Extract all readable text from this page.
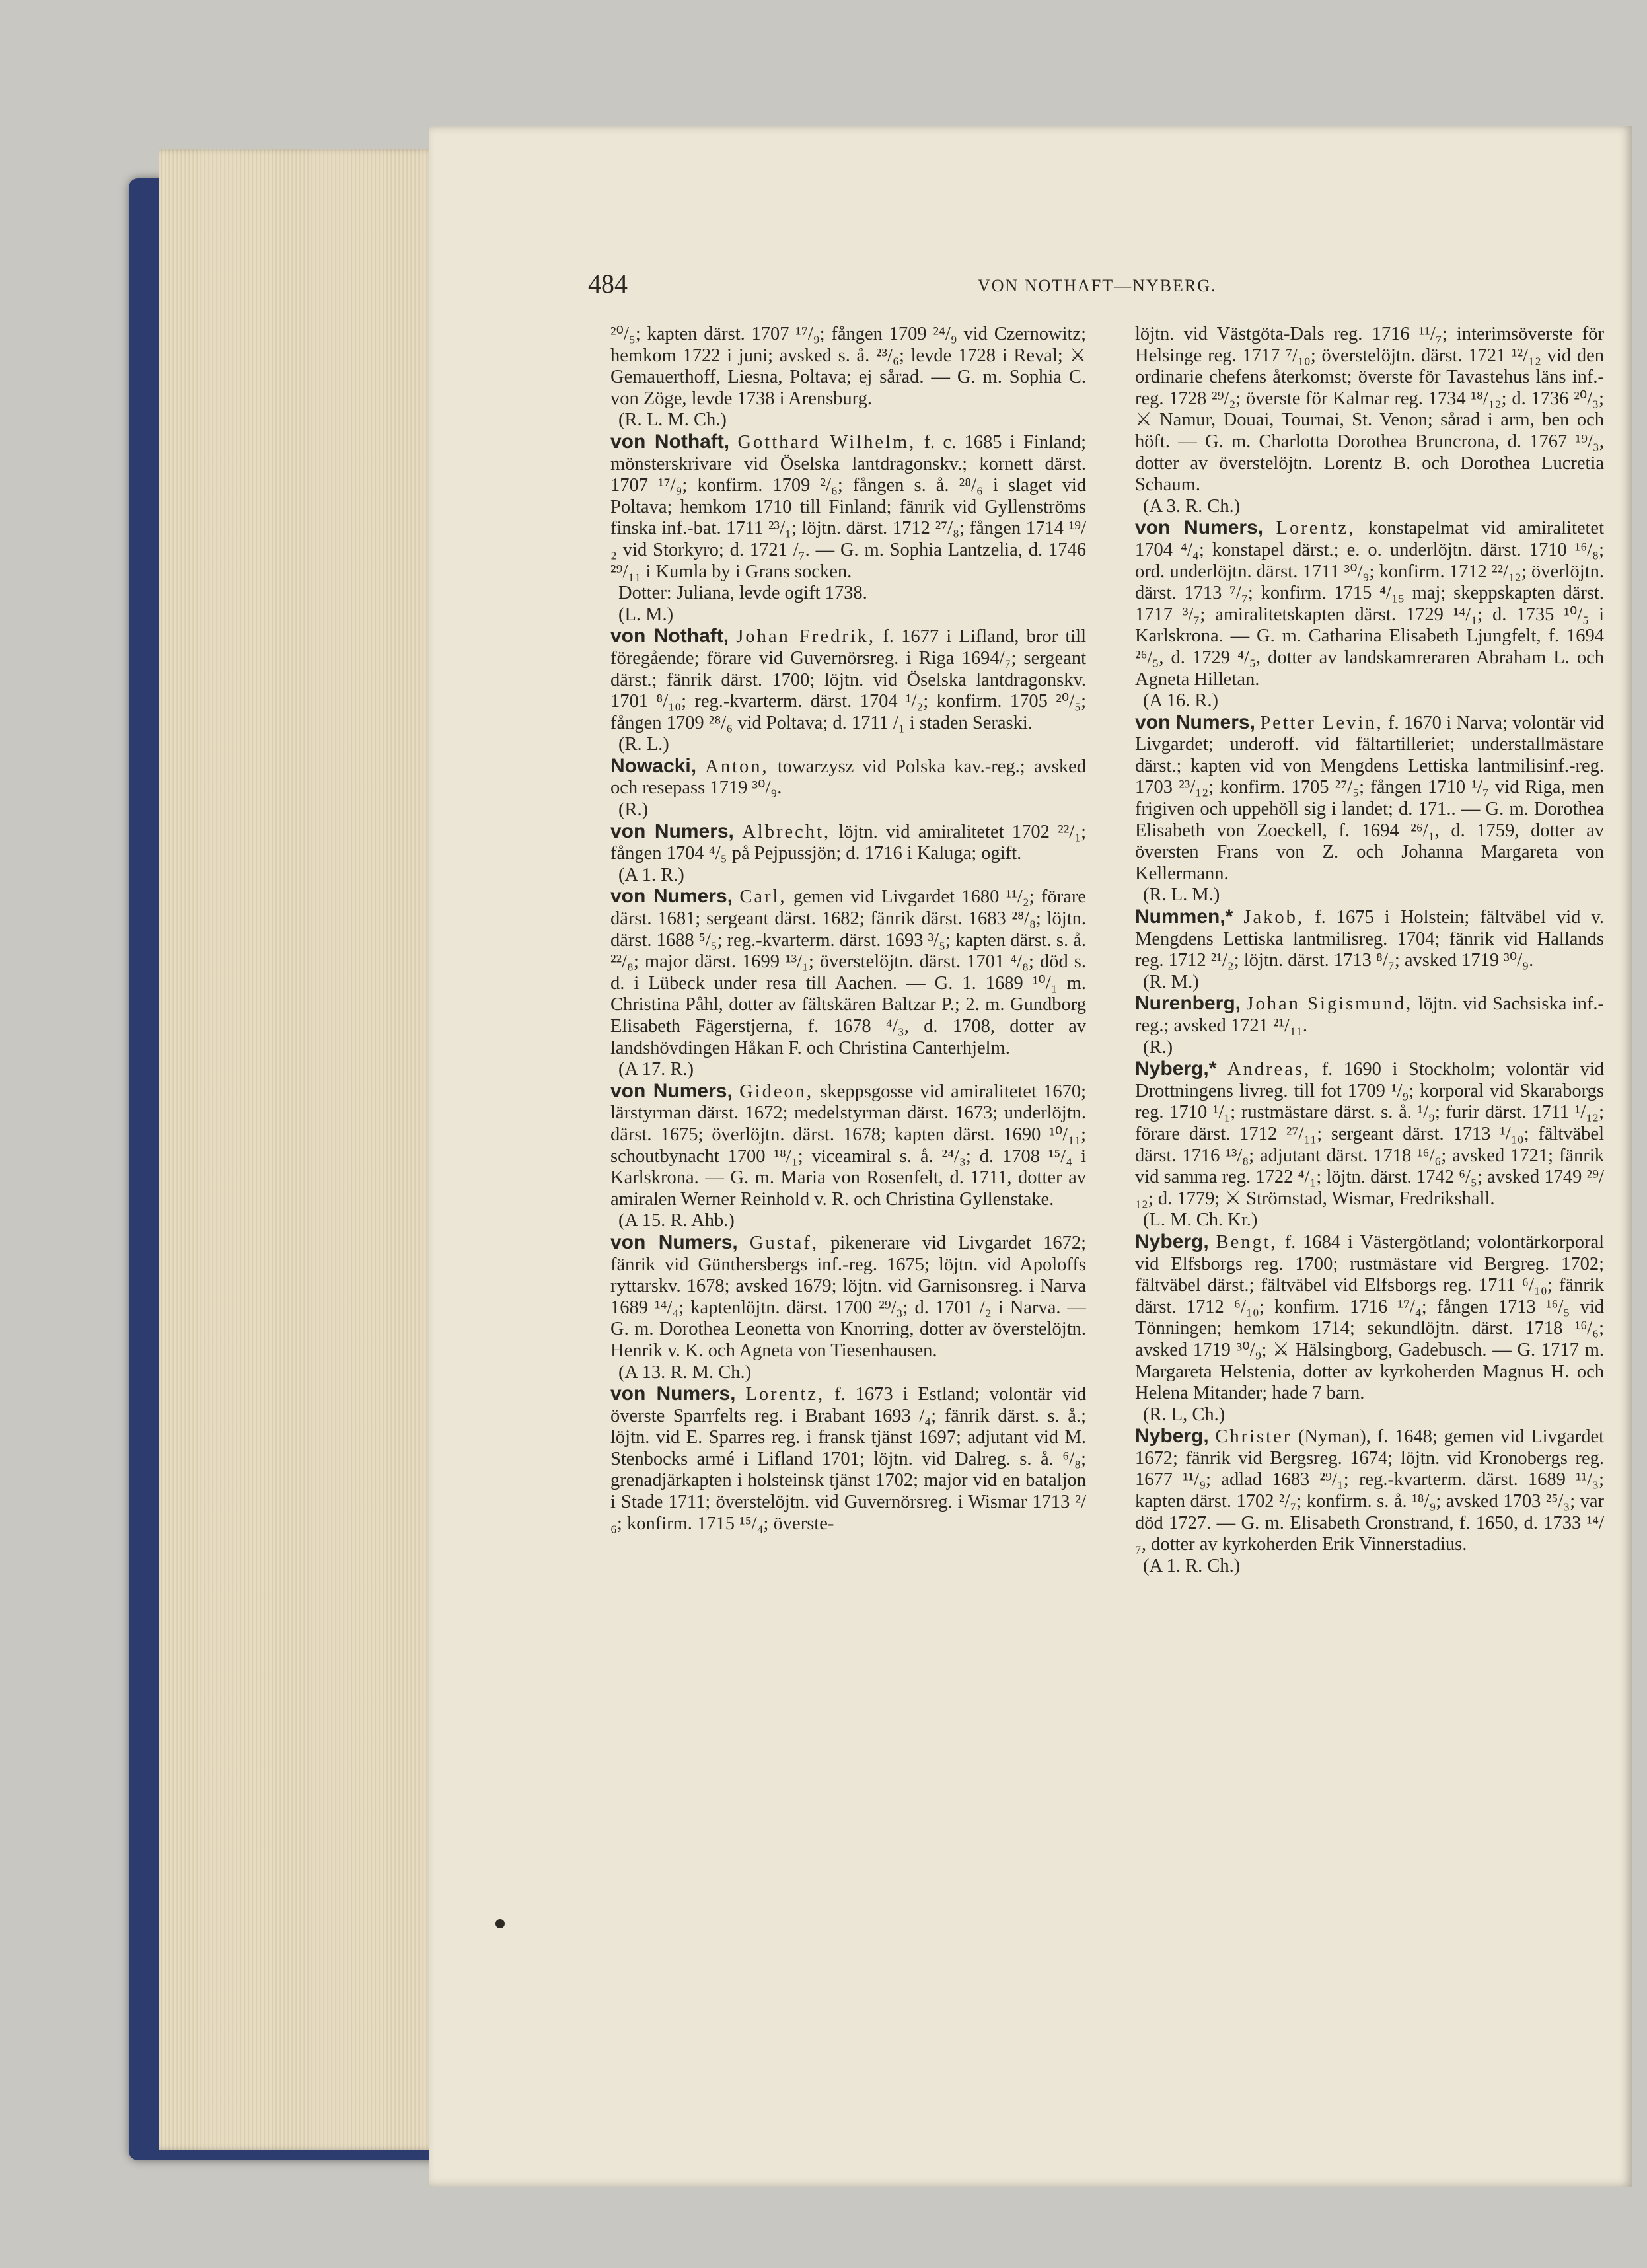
484	VON NOTHAFT—NYBERG.

²⁰/₅; kapten därst. 1707 ¹⁷/₉; fången 1709 ²⁴/₉ vid Czernowitz; hemkom 1722 i juni; avsked s. å. ²³/₆; levde 1728 i Reval; ⚔ Gemauerthoff, Liesna, Poltava; ej sårad. — G. m. Sophia C. von Zöge, levde 1738 i Arensburg.

(R. L. M. Ch.)

von Nothaft, Gotthard Wilhelm, f. c. 1685 i Finland; mönsterskrivare vid Öselska lantdragonskv.; kornett därst. 1707 ¹⁷/₉; konfirm. 1709 ²/₆; fången s. å. ²⁸/₆ i slaget vid Poltava; hemkom 1710 till Finland; fänrik vid Gyllenströms finska inf.-bat. 1711 ²³/₁; löjtn. därst. 1712 ²⁷/₈; fången 1714 ¹⁹/₂ vid Storkyro; d. 1721 /₇. — G. m. Sophia Lantzelia, d. 1746 ²⁹/₁₁ i Kumla by i Grans socken.

Dotter: Juliana, levde ogift 1738.

(L. M.)

von Nothaft, Johan Fredrik, f. 1677 i Lifland, bror till föregående; förare vid Guvernörsreg. i Riga 1694/₇; sergeant därst.; fänrik därst. 1700; löjtn. vid Öselska lantdragonskv. 1701 ⁸/₁₀; reg.-kvarterm. därst. 1704 ¹/₂; konfirm. 1705 ²⁰/₅; fången 1709 ²⁸/₆ vid Poltava; d. 1711 /₁ i staden Seraski.

(R. L.)

Nowacki, Anton, towarzysz vid Polska kav.-reg.; avsked och resepass 1719 ³⁰/₉.

(R.)

von Numers, Albrecht, löjtn. vid amiralitetet 1702 ²²/₁; fången 1704 ⁴/₅ på Pejpussjön; d. 1716 i Kaluga; ogift.

(A 1. R.)

von Numers, Carl, gemen vid Livgardet 1680 ¹¹/₂; förare därst. 1681; sergeant därst. 1682; fänrik därst. 1683 ²⁸/₈; löjtn. därst. 1688 ⁵/₅; reg.-kvarterm. därst. 1693 ³/₅; kapten därst. s. å. ²²/₈; major därst. 1699 ¹³/₁; överstelöjtn. därst. 1701 ⁴/₈; död s. d. i Lübeck under resa till Aachen. — G. 1. 1689 ¹⁰/₁ m. Christina Påhl, dotter av fältskären Baltzar P.; 2. m. Gundborg Elisabeth Fägerstjerna, f. 1678 ⁴/₃, d. 1708, dotter av landshövdingen Håkan F. och Christina Canterhjelm.

(A 17. R.)

von Numers, Gideon, skeppsgosse vid amiralitetet 1670; lärstyrman därst. 1672; medelstyrman därst. 1673; underlöjtn. därst. 1675; överlöjtn. därst. 1678; kapten därst. 1690 ¹⁰/₁₁; schoutbynacht 1700 ¹⁸/₁; viceamiral s. å. ²⁴/₃; d. 1708 ¹⁵/₄ i Karlskrona. — G. m. Maria von Rosenfelt, d. 1711, dotter av amiralen Werner Reinhold v. R. och Christina Gyllenstake.

(A 15. R. Ahb.)

von Numers, Gustaf, pikenerare vid Livgardet 1672; fänrik vid Günthersbergs inf.-reg. 1675; löjtn. vid Apoloffs ryttarskv. 1678; avsked 1679; löjtn. vid Garnisonsreg. i Narva 1689 ¹⁴/₄; kaptenlöjtn. därst. 1700 ²⁹/₃; d. 1701 /₂ i Narva. — G. m. Dorothea Leonetta von Knorring, dotter av överstelöjtn. Henrik v. K. och Agneta von Tiesenhausen.

(A 13. R. M. Ch.)

von Numers, Lorentz, f. 1673 i Estland; volontär vid överste Sparrfelts reg. i Brabant 1693 /₄; fänrik därst. s. å.; löjtn. vid E. Sparres reg. i fransk tjänst 1697; adjutant vid M. Stenbocks armé i Lifland 1701; löjtn. vid Dalreg. s. å. ⁶/₈; grenadjärkapten i holsteinsk tjänst 1702; major vid en bataljon i Stade 1711; överstelöjtn. vid Guvernörsreg. i Wismar 1713 ²/₆; konfirm. 1715 ¹⁵/₄; överste-

löjtn. vid Västgöta-Dals reg. 1716 ¹¹/₇; interimsöverste för Helsinge reg. 1717 ⁷/₁₀; överstelöjtn. därst. 1721 ¹²/₁₂ vid den ordinarie chefens återkomst; överste för Tavastehus läns inf.-reg. 1728 ²⁹/₂; överste för Kalmar reg. 1734 ¹⁸/₁₂; d. 1736 ²⁰/₃; ⚔ Namur, Douai, Tournai, St. Venon; sårad i arm, ben och höft. — G. m. Charlotta Dorothea Bruncrona, d. 1767 ¹⁹/₃, dotter av överstelöjtn. Lorentz B. och Dorothea Lucretia Schaum.

(A 3. R. Ch.)

von Numers, Lorentz, konstapelmat vid amiralitetet 1704 ⁴/₄; konstapel därst.; e. o. underlöjtn. därst. 1710 ¹⁶/₈; ord. underlöjtn. därst. 1711 ³⁰/₉; konfirm. 1712 ²²/₁₂; överlöjtn. därst. 1713 ⁷/₇; konfirm. 1715 ⁴/₁₅ maj; skeppskapten därst. 1717 ³/₇; amiralitetskapten därst. 1729 ¹⁴/₁; d. 1735 ¹⁰/₅ i Karlskrona. — G. m. Catharina Elisabeth Ljungfelt, f. 1694 ²⁶/₅, d. 1729 ⁴/₅, dotter av landskamreraren Abraham L. och Agneta Hilletan.

(A 16. R.)

von Numers, Petter Levin, f. 1670 i Narva; volontär vid Livgardet; underoff. vid fältartilleriet; understallmästare därst.; kapten vid von Mengdens Lettiska lantmilisinf.-reg. 1703 ²³/₁₂; konfirm. 1705 ²⁷/₅; fången 1710 ¹/₇ vid Riga, men frigiven och uppehöll sig i landet; d. 171.. — G. m. Dorothea Elisabeth von Zoeckell, f. 1694 ²⁶/₁, d. 1759, dotter av översten Frans von Z. och Johanna Margareta von Kellermann.

(R. L. M.)

Nummen,* Jakob, f. 1675 i Holstein; fältväbel vid v. Mengdens Lettiska lantmilisreg. 1704; fänrik vid Hallands reg. 1712 ²¹/₂; löjtn. därst. 1713 ⁸/₇; avsked 1719 ³⁰/₉.

(R. M.)

Nurenberg, Johan Sigismund, löjtn. vid Sachsiska inf.-reg.; avsked 1721 ²¹/₁₁.

(R.)

Nyberg,* Andreas, f. 1690 i Stockholm; volontär vid Drottningens livreg. till fot 1709 ¹/₉; korporal vid Skaraborgs reg. 1710 ¹/₁; rustmästare därst. s. å. ¹/₉; furir därst. 1711 ¹/₁₂; förare därst. 1712 ²⁷/₁₁; sergeant därst. 1713 ¹/₁₀; fältväbel därst. 1716 ¹³/₈; adjutant därst. 1718 ¹⁶/₆; avsked 1721; fänrik vid samma reg. 1722 ⁴/₁; löjtn. därst. 1742 ⁶/₅; avsked 1749 ²⁹/₁₂; d. 1779; ⚔ Strömstad, Wismar, Fredrikshall.

(L. M. Ch. Kr.)

Nyberg, Bengt, f. 1684 i Västergötland; volontärkorporal vid Elfsborgs reg. 1700; rustmästare vid Bergreg. 1702; fältväbel därst.; fältväbel vid Elfsborgs reg. 1711 ⁶/₁₀; fänrik därst. 1712 ⁶/₁₀; konfirm. 1716 ¹⁷/₄; fången 1713 ¹⁶/₅ vid Tönningen; hemkom 1714; sekundlöjtn. därst. 1718 ¹⁶/₆; avsked 1719 ³⁰/₉; ⚔ Hälsingborg, Gadebusch. — G. 1717 m. Margareta Helstenia, dotter av kyrkoherden Magnus H. och Helena Mitander; hade 7 barn.

(R. L, Ch.)

Nyberg, Christer (Nyman), f. 1648; gemen vid Livgardet 1672; fänrik vid Bergsreg. 1674; löjtn. vid Kronobergs reg. 1677 ¹¹/₉; adlad 1683 ²⁹/₁; reg.-kvarterm. därst. 1689 ¹¹/₃; kapten därst. 1702 ²/₇; konfirm. s. å. ¹⁸/₉; avsked 1703 ²⁵/₃; var död 1727. — G. m. Elisabeth Cronstrand, f. 1650, d. 1733 ¹⁴/₇, dotter av kyrkoherden Erik Vinnerstadius.

(A 1. R. Ch.)
